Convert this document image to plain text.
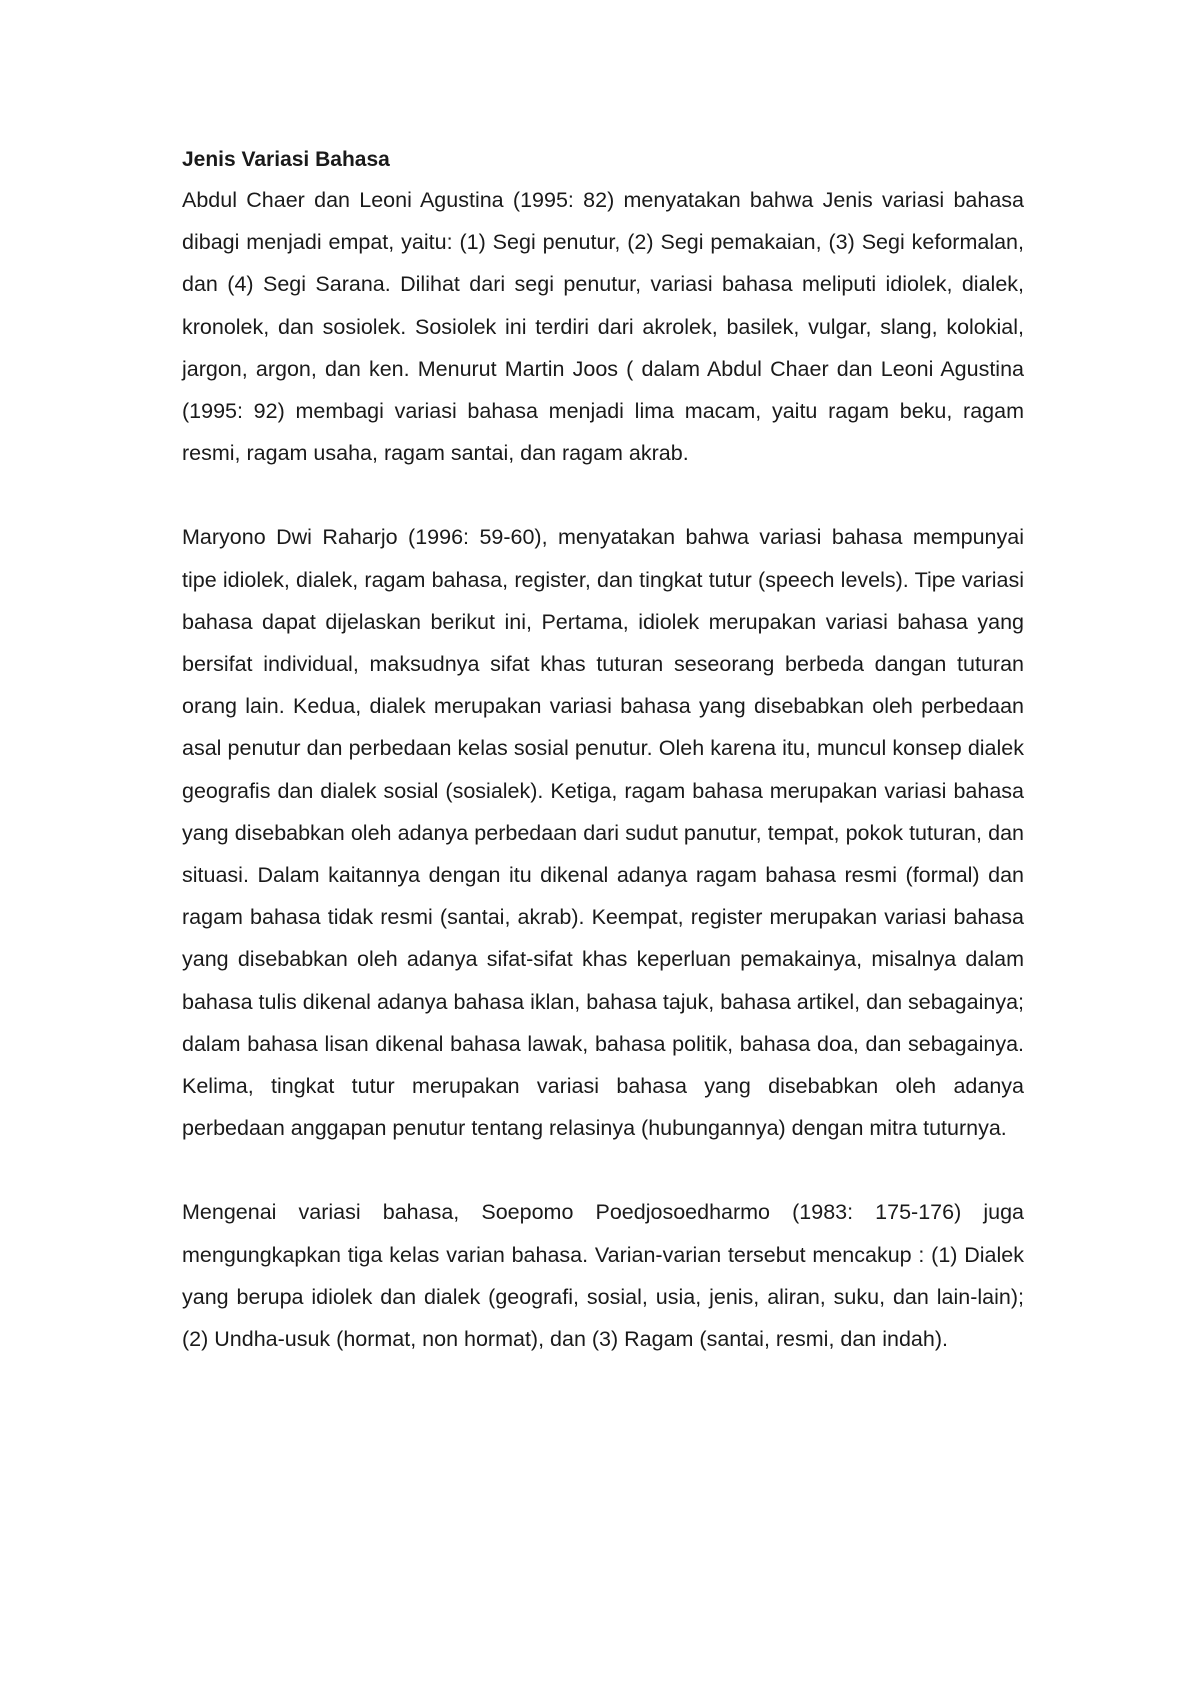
Jenis Variasi Bahasa

Abdul Chaer dan Leoni Agustina (1995: 82) menyatakan bahwa Jenis variasi bahasa dibagi menjadi empat, yaitu: (1) Segi penutur, (2) Segi pemakaian, (3) Segi keformalan, dan (4) Segi Sarana. Dilihat dari segi penutur, variasi bahasa meliputi idiolek, dialek, kronolek, dan sosiolek. Sosiolek ini terdiri dari akrolek, basilek, vulgar, slang, kolokial, jargon, argon, dan ken. Menurut Martin Joos ( dalam Abdul Chaer dan Leoni Agustina (1995: 92) membagi variasi bahasa menjadi lima macam, yaitu ragam beku, ragam resmi, ragam usaha, ragam santai, dan ragam akrab.

Maryono Dwi Raharjo (1996: 59-60), menyatakan bahwa variasi bahasa mempunyai tipe idiolek, dialek, ragam bahasa, register, dan tingkat tutur (speech levels). Tipe variasi bahasa dapat dijelaskan berikut ini, Pertama, idiolek merupakan variasi bahasa yang bersifat individual, maksudnya sifat khas tuturan seseorang berbeda dangan tuturan orang lain. Kedua, dialek merupakan variasi bahasa yang disebabkan oleh perbedaan asal penutur dan perbedaan kelas sosial penutur. Oleh karena itu, muncul konsep dialek geografis dan dialek sosial (sosialek). Ketiga, ragam bahasa merupakan variasi bahasa yang disebabkan oleh adanya perbedaan dari sudut panutur, tempat, pokok tuturan, dan situasi. Dalam kaitannya dengan itu dikenal adanya ragam bahasa resmi (formal) dan ragam bahasa tidak resmi (santai, akrab). Keempat, register merupakan variasi bahasa yang disebabkan oleh adanya sifat-sifat khas keperluan pemakainya, misalnya dalam bahasa tulis dikenal adanya bahasa iklan, bahasa tajuk, bahasa artikel, dan sebagainya; dalam bahasa lisan dikenal bahasa lawak, bahasa politik, bahasa doa, dan sebagainya. Kelima, tingkat tutur merupakan variasi bahasa yang disebabkan oleh adanya perbedaan anggapan penutur tentang relasinya (hubungannya) dengan mitra tuturnya.

Mengenai variasi bahasa, Soepomo Poedjosoedharmo (1983: 175-176) juga mengungkapkan tiga kelas varian bahasa. Varian-varian tersebut mencakup : (1) Dialek yang berupa idiolek dan dialek (geografi, sosial, usia, jenis, aliran, suku, dan lain-lain); (2) Undha-usuk (hormat, non hormat), dan (3) Ragam (santai, resmi, dan indah).
